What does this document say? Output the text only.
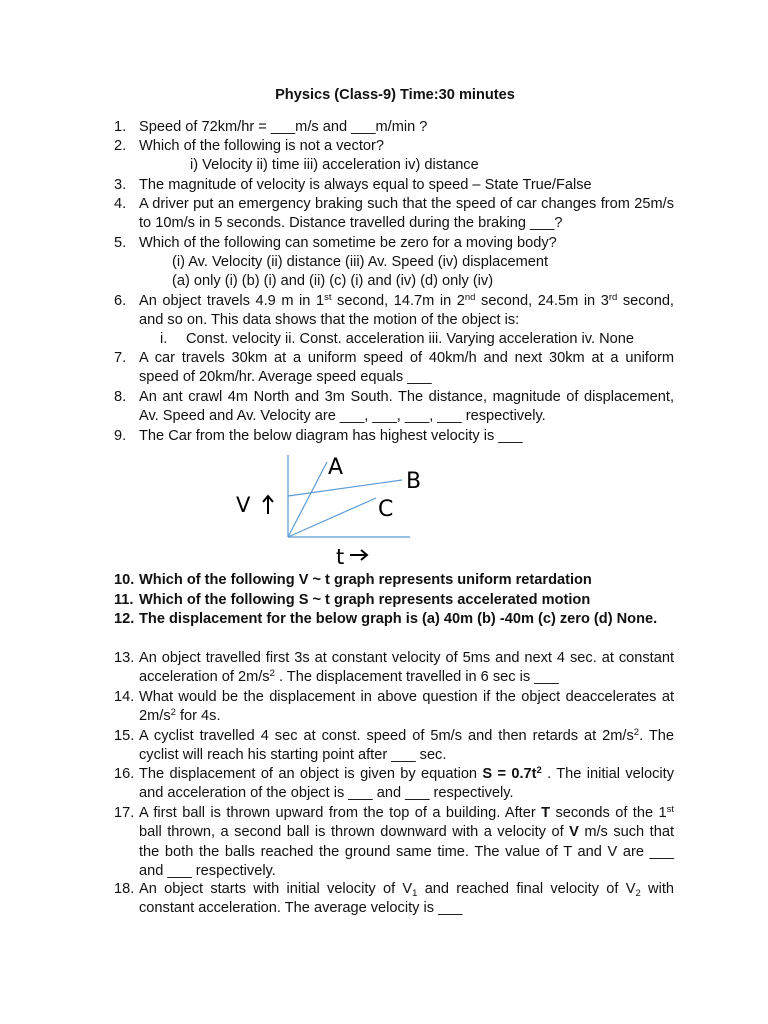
Physics (Class-9) Time:30 minutes
1. Speed of 72km/hr = ___m/s and ___m/min ?
2. Which of the following is not a vector?
i) Velocity ii) time iii) acceleration iv) distance
3. The magnitude of velocity is always equal to speed – State True/False
4. A driver put an emergency braking such that the speed of car changes from 25m/s to 10m/s in 5 seconds. Distance travelled during the braking ___?
5. Which of the following can sometime be zero for a moving body?
(i) Av. Velocity (ii) distance (iii) Av. Speed (iv) displacement
(a) only (i) (b) (i) and (ii) (c) (i) and (iv) (d) only (iv)
6. An object travels 4.9 m in 1st second, 14.7m in 2nd second, 24.5m in 3rd second, and so on. This data shows that the motion of the object is:
i. Const. velocity ii. Const. acceleration iii. Varying acceleration iv. None
7. A car travels 30km at a uniform speed of 40km/h and next 30km at a uniform speed of 20km/hr. Average speed equals ___
8. An ant crawl 4m North and 3m South. The distance, magnitude of displacement, Av. Speed and Av. Velocity are ___, ___, ___, ___ respectively.
9. The Car from the below diagram has highest velocity is ___
A
B
C
V
t
10. Which of the following V ~ t graph represents uniform retardation
11. Which of the following S ~ t graph represents accelerated motion
12. The displacement for the below graph is (a) 40m (b) -40m (c) zero (d) None.
13. An object travelled first 3s at constant velocity of 5ms and next 4 sec. at constant acceleration of $2m/s^2$ . The displacement travelled in 6 sec is ___
14. What would be the displacement in above question if the object deaccelerates at $2m/s^2$ for 4s.
15. A cyclist travelled 4 sec at const. speed of 5m/s and then retards at $2m/s^2$. The cyclist will reach his starting point after ___ sec.
16. The displacement of an object is given by equation $S = 0.7t^2$ . The initial velocity and acceleration of the object is ___ and ___ respectively.
17. A first ball is thrown upward from the top of a building. After T seconds of the 1st ball thrown, a second ball is thrown downward with a velocity of V m/s such that the both the balls reached the ground same time. The value of T and V are ___ and ___ respectively.
18. An object starts with initial velocity of $V_1$ and reached final velocity of $V_2$ with constant acceleration. The average velocity is ___
